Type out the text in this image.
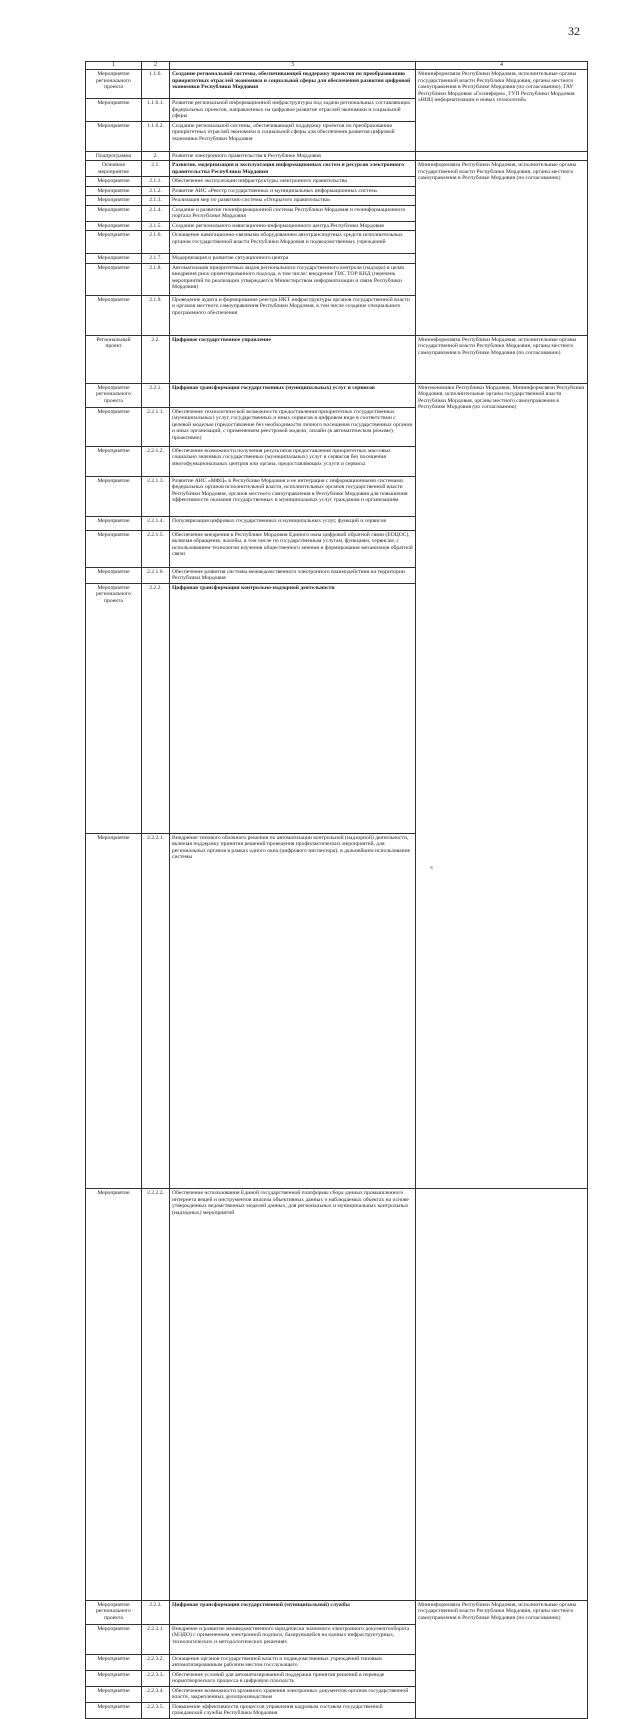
32
1	2	3	4	
Мероприятие регионального проекта	1.1.6.	Создание региональной системы, обеспечивающей поддержку проектов по преобразованию приоритетных отраслей экономики и социальной сферы для обеспечения развития цифровой экономики Республики Мордовия	Мининформсвязи Республики Мордовия, исполнительные органы государственной власти Республики Мордовия, органы местного самоуправления в Республике Мордовия (по согласованию), ГАУ Республики Мордовия «Госинформ», ГУП Республики Мордовия «НИЦ информатизации и новых технологий»	
Мероприятие	1.1.6.1.	Развитие региональной информационной инфраструктуры под задачи региональных составляющих федеральных проектов, направленных на цифровое развитие отраслей экономики и социальной сферы		
Мероприятие	1.1.6.2.	Создание региональной системы, обеспечивающей поддержку проектов по преобразованию приоритетных отраслей экономики и социальной сферы для обеспечения развития цифровой экономики Республики Мордовия		
Подпрограмма	2.	Развитие электронного правительства в Республике Мордовия		
Основное мероприятие	2.1.	Развитие, модернизация и эксплуатация информационных систем и ресурсов электронного правительства Республики Мордовия	Мининформсвязи Республики Мордовия, исполнительные органы государственной власти Республики Мордовия, органы местного самоуправления в Республике Мордовия (по согласованию)	
Мероприятие	2.1.1.	Обеспечение эксплуатации инфраструктуры электронного правительства		
Мероприятие	2.1.2.	Развитие АИС «Реестр государственных и муниципальных информационных систем»		
Мероприятие	2.1.3.	Реализация мер по развитию системы «Открытого правительства»		
Мероприятие	2.1.4.	Создание и развитие геоинформационной системы Республики Мордовия и геоинформационного портала Республики Мордовия		
Мероприятие	2.1.5.	Создание регионального навигационно-информационного центра Республики Мордовия		
Мероприятие	2.1.6.	Оснащение навигационно-связными оборудованием автотранспортных средств исполнительных органов государственной власти Республики Мордовия и подведомственных учреждений		
Мероприятие	2.1.7.	Модернизация и развитие ситуационного центра		
Мероприятие	2.1.8.	Автоматизация приоритетных видов регионального государственного контроля (надзора) в целях внедрения риск-ориентированного подхода, в том числе: внедрение ГИС ТОР КНД (перечень мероприятий по реализации утверждается Министерством информатизации и связи Республики Мордовия)		
Мероприятие	2.1.9.	Проведение аудита и формирование реестра ИКТ инфраструктуры органов государственной власти и органов местного самоуправления Республики Мордовия, в том числе создание специального программного обеспечения		
Региональный проект	2.2.	Цифровое государственное управление	Мининформсвязи Республики Мордовия, исполнительные органы государственной власти Республики Мордовия, органы местного самоуправления в Республике Мордовия (по согласованию)	
Мероприятие регионального проекта	2.2.1.	Цифровая трансформация государственных (муниципальных) услуг и сервисов	Минэкономики Республики Мордовия, Мининформсвязи Республики Мордовия, исполнительные органы государственной власти Республики Мордовия, органы местного самоуправления в Республике Мордовия (по согласованию)	
Мероприятие	2.2.1.1.	Обеспечение технологической возможности предоставления приоритетных государственных (муниципальных) услуг, государственных и иных сервисов в цифровом виде в соответствии с целевой моделью (предоставление без необходимости личного посещения государственных органов и иных организаций, с применением реестровой модели, онлайн (в автоматическом режиме), проактивно)		
Мероприятие	2.2.1.2.	Обеспечение возможности получения результатов предоставления приоритетных массовых социально значимых государственных (муниципальных) услуг и сервисов без посещения многофункциональных центров или органа, предоставляющих услуги и сервисы		
Мероприятие	2.2.1.3.	Развитие АИС «МФЦ» в Республике Мордовия и ее интеграция с информационными системами федеральных органов исполнительной власти, исполнительных органов государственной власти Республики Мордовия, органов местного самоуправления в Республике Мордовия для повышения эффективности оказания государственных и муниципальных услуг гражданам и организациям		
Мероприятие	2.2.1.4.	Популяризация цифровых государственных и муниципальных услуг, функций и сервисов		
Мероприятие	2.2.1.5.	Обеспечение внедрения в Республике Мордовия Единого окна цифровой обратной связи (ЕОЦОС), включая обращения, жалобы, в том числе по государственным услугам, функциям, сервисам, с использованием технологии изучения общественного мнения и формирования механизмов обратной связи		
Мероприятие	2.2.1.6.	Обеспечение развития системы межведомственного электронного взаимодействия на территории Республики Мордовия		
Мероприятие регионального проекта	2.2.2.	Цифровая трансформация контрольно-надзорной деятельности	
Мероприятие	2.2.2.1.	Внедрение типового облачного решения по автоматизации контрольной (надзорной) деятельности, включая поддержку принятия решений проведения профилактических мероприятий, для региональных органов в рамках одного окна (цифрового инспектора), в дальнейшем использование системы		
Мероприятие	2.2.2.2.	Обеспечение использования Единой государственной платформы сбора данных промышленного интернета вещей и инструментов анализа объективных данных о наблюдаемых объектах на основе утвержденных ведомственных моделей данных, для региональных и муниципальных контрольных (надзорных) мероприятий		
Мероприятие регионального проекта	2.2.3.	Цифровая трансформация государственной (муниципальной) службы	Мининформсвязи Республики Мордовия, исполнительные органы государственной власти Республики Мордовия, органы местного самоуправления в Республике Мордовия (по согласованию)	
Мероприятие	2.2.3.1.	Внедрение и развитие межведомственного юридически значимого электронного документооборота (МЭДО) с применением электронной подписи, базирующейся на единых инфраструктурных, технологических и методологических решениях		
Мероприятие	2.2.3.2.	Оснащение органов государственной власти и подведомственных учреждений типовым автоматизированным рабочим местом госслужащего		
Мероприятие	2.2.3.3.	Обеспечение условий для автоматизированной поддержки принятия решений в переводе нормотворческого процесса в цифровую плоскость		
Мероприятие	2.2.3.4.	Обеспечение возможности архивного хранения электронных документов органов государственной власти, закрепленных делопроизводством		
Мероприятие	2.2.3.5.	Повышение эффективности процессов управления кадровым составом государственной гражданской службы Республики Мордовия		
